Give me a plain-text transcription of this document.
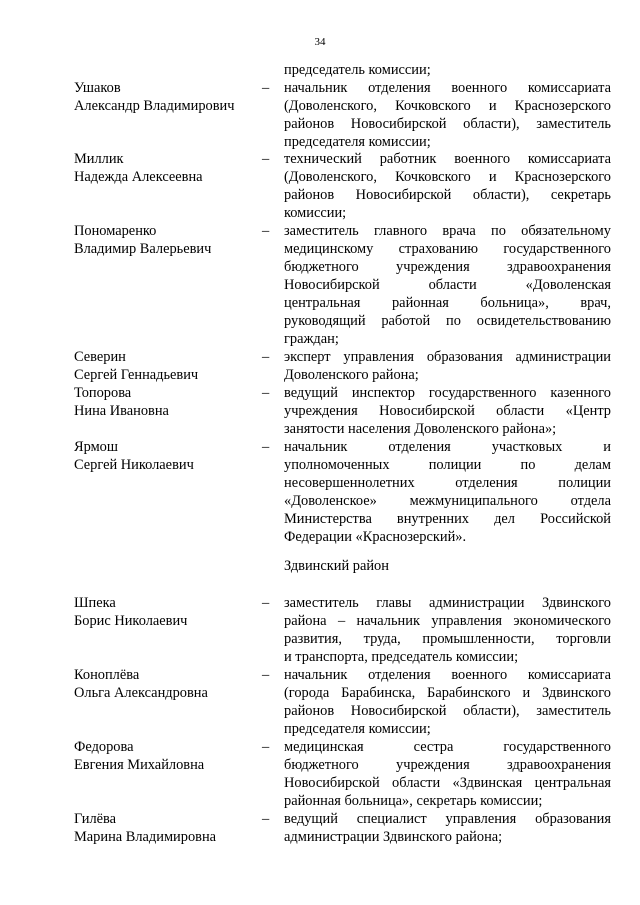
34
председатель комиссии;
Ушаков
Александр Владимирович
– начальник отделения военного комиссариата
(Доволенского, Кочковского и Краснозерского
районов Новосибирской области), заместитель
председателя комиссии;
Миллик
Надежда Алексеевна
– технический работник военного комиссариата
(Доволенского, Кочковского и Краснозерского
районов Новосибирской области), секретарь
комиссии;
Пономаренко
Владимир Валерьевич
– заместитель главного врача по обязательному
медицинскому страхованию государственного
бюджетного учреждения здравоохранения
Новосибирской области «Доволенская
центральная районная больница», врач,
руководящий работой по освидетельствованию
граждан;
Северин
Сергей Геннадьевич
– эксперт управления образования администрации
Доволенского района;
Топорова
Нина Ивановна
– ведущий инспектор государственного казенного
учреждения Новосибирской области «Центр
занятости населения Доволенского района»;
Ярмош
Сергей Николаевич
– начальник отделения участковых и
уполномоченных полиции по делам
несовершеннолетних отделения полиции
«Доволенское» межмуниципального отдела
Министерства внутренних дел Российской
Федерации «Краснозерский».
Здвинский район
Шпека
Борис Николаевич
– заместитель главы администрации Здвинского
района – начальник управления экономического
развития, труда, промышленности, торговли
и транспорта, председатель комиссии;
Коноплёва
Ольга Александровна
– начальник отделения военного комиссариата
(города Барабинска, Барабинского и Здвинского
районов Новосибирской области), заместитель
председателя комиссии;
Федорова
Евгения Михайловна
– медицинская сестра государственного
бюджетного учреждения здравоохранения
Новосибирской области «Здвинская центральная
районная больница», секретарь комиссии;
Гилёва
Марина Владимировна
– ведущий специалист управления образования
администрации Здвинского района;
